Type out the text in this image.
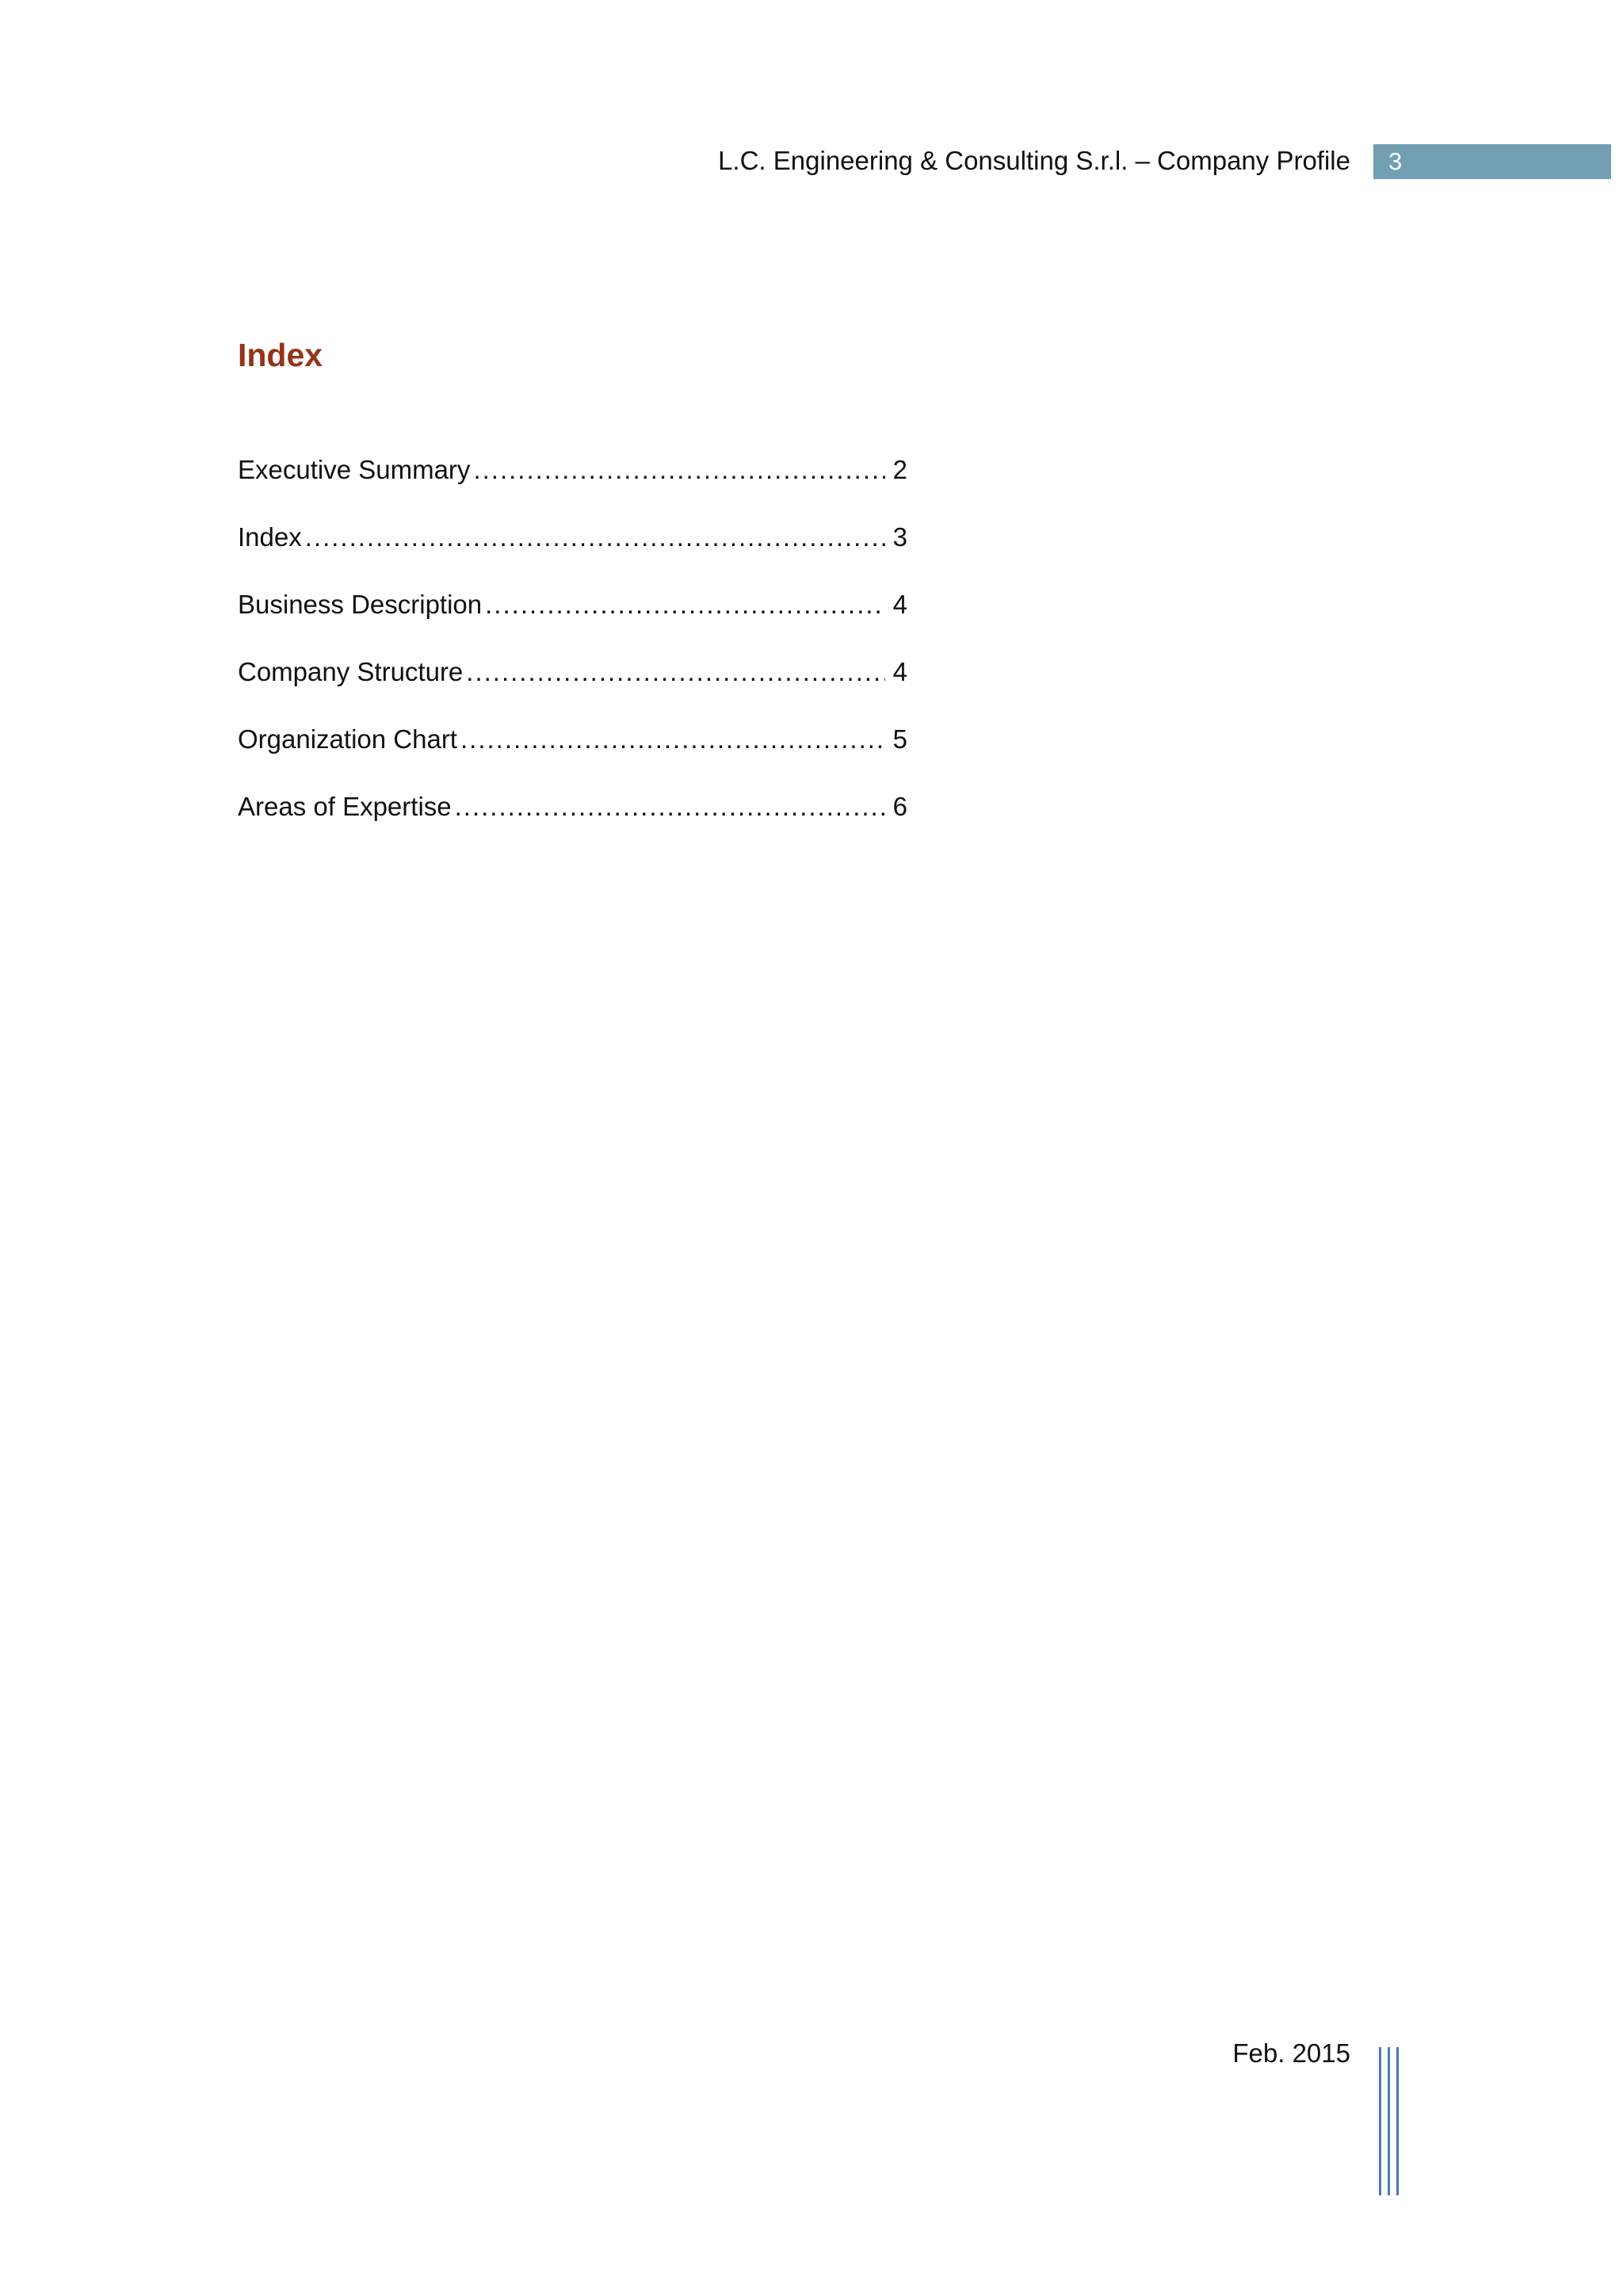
L.C. Engineering & Consulting S.r.l. – Company Profile 3
Index
Executive Summary .....	2
Index .....	3
Business Description .....	4
Company Structure .....	4
Organization Chart .....	5
Areas of Expertise .....	6
Feb. 2015
